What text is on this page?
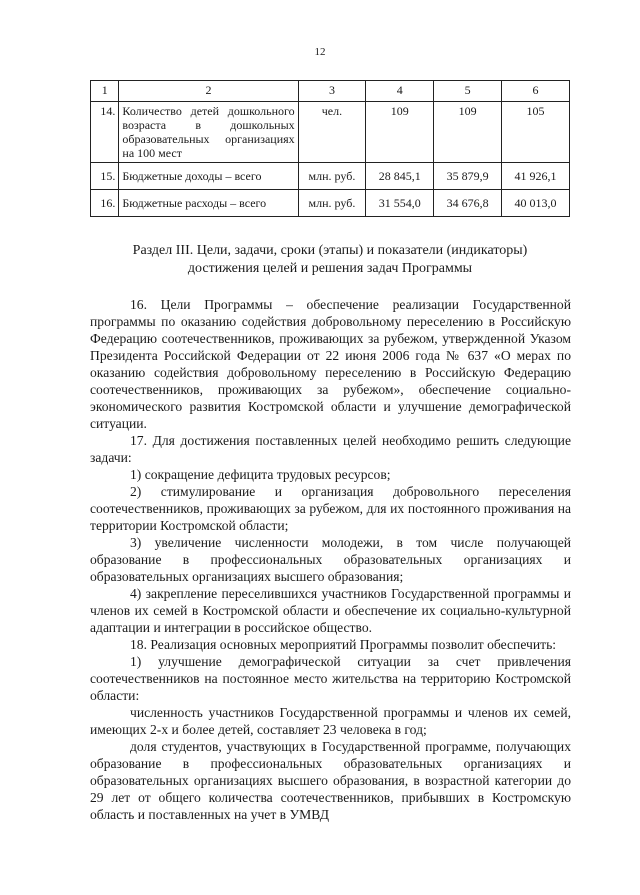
12
1	2	3	4	5	6
14.	Количество детей дошкольного возраста в дошкольных образовательных организациях на 100 мест	чел.	109	109	105
15.	Бюджетные доходы – всего	млн. руб.	28 845,1	35 879,9	41 926,1
16.	Бюджетные расходы – всего	млн. руб.	31 554,0	34 676,8	40 013,0
Раздел III. Цели, задачи, сроки (этапы) и показатели (индикаторы)
достижения целей и решения задач Программы

16. Цели Программы – обеспечение реализации Государственной программы по оказанию содействия добровольному переселению в Российскую Федерацию соотечественников, проживающих за рубежом, утвержденной Указом Президента Российской Федерации от 22 июня 2006 года № 637 «О мерах по оказанию содействия добровольному переселению в Российскую Федерацию соотечественников, проживающих за рубежом», обеспечение социально-экономического развития Костромской области и улучшение демографической ситуации.

17. Для достижения поставленных целей необходимо решить следующие задачи:

1) сокращение дефицита трудовых ресурсов;

2) стимулирование и организация добровольного переселения соотечественников, проживающих за рубежом, для их постоянного проживания на территории Костромской области;

3) увеличение численности молодежи, в том числе получающей образование в профессиональных образовательных организациях и образовательных организациях высшего образования;

4) закрепление переселившихся участников Государственной программы и членов их семей в Костромской области и обеспечение их социально-культурной адаптации и интеграции в российское общество.

18. Реализация основных мероприятий Программы позволит обеспечить:

1) улучшение демографической ситуации за счет привлечения соотечественников на постоянное место жительства на территорию Костромской области:

численность участников Государственной программы и членов их семей, имеющих 2-х и более детей, составляет 23 человека в год;

доля студентов, участвующих в Государственной программе, получающих образование в профессиональных образовательных организациях и образовательных организациях высшего образования, в возрастной категории до 29 лет от общего количества соотечественников, прибывших в Костромскую область и поставленных на учет в УМВД
